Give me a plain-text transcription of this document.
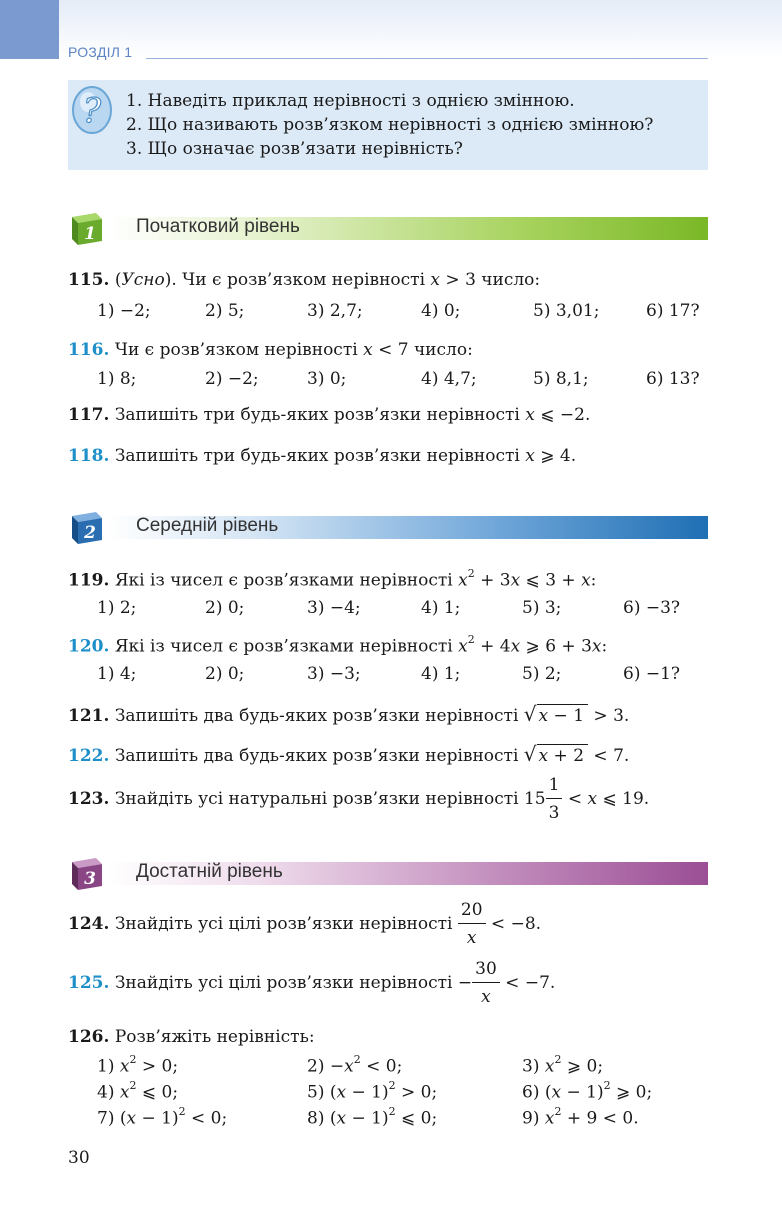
РОЗДІЛ 1
? 1. Наведіть приклад нерівності з однією змінною.
2. Що називають розв’язком нерівності з однією змінною?
3. Що означає розв’язати нерівність?
1 Початковий рівень
115. (Усно). Чи є розв’язком нерівності x > 3 число:
1) −2;	2) 5;	3) 2,7;	4) 0;	5) 3,01;	6) 17?
116. Чи є розв’язком нерівності x < 7 число:
1) 8;	2) −2;	3) 0;	4) 4,7;	5) 8,1;	6) 13?
117. Запишіть три будь-яких розв’язки нерівності x ⩽ −2.
118. Запишіть три будь-яких розв’язки нерівності x ⩾ 4.
2 Середній рівень
119. Які із чисел є розв’язками нерівності $x^2 + 3x$ ⩽ 3 + x:
1) 2;	2) 0;	3) −4;	4) 1;	5) 3;	6) −3?
120. Які із чисел є розв’язками нерівності $x^2 + 4x$ ⩾ 6 + 3x:
1) 4;	2) 0;	3) −3;	4) 1;	5) 2;	6) −1?
121. Запишіть два будь-яких розв’язки нерівності √ x − 1 > 3.
122. Запишіть два будь-яких розв’язки нерівності √ x + 2 < 7.
123. Знайдіть усі натуральні розв’язки нерівності $15 \frac{1}{3} < x$ ⩽ 19.
3 Достатній рівень
124. Знайдіть усі цілі розв’язки нерівності $\frac{20}{x} < -8$.
125. Знайдіть усі цілі розв’язки нерівності − $\frac{30}{x} < -7$.
126. Розв’яжіть нерівність:
1) $x^2 > 0$;	$2) -x^2 < 0$;	3) $x^2$ ⩾ 0;
4) $x^2$ ⩽ 0;	5) $(x - 1)^2 > 0$;	6) $(x - 1)^2$ ⩾ 0;
7) $(x - 1)^2 < 0$;	8) $(x - 1)^2$ ⩽ 0;	9) $x^2 + 9 < 0$.
30
